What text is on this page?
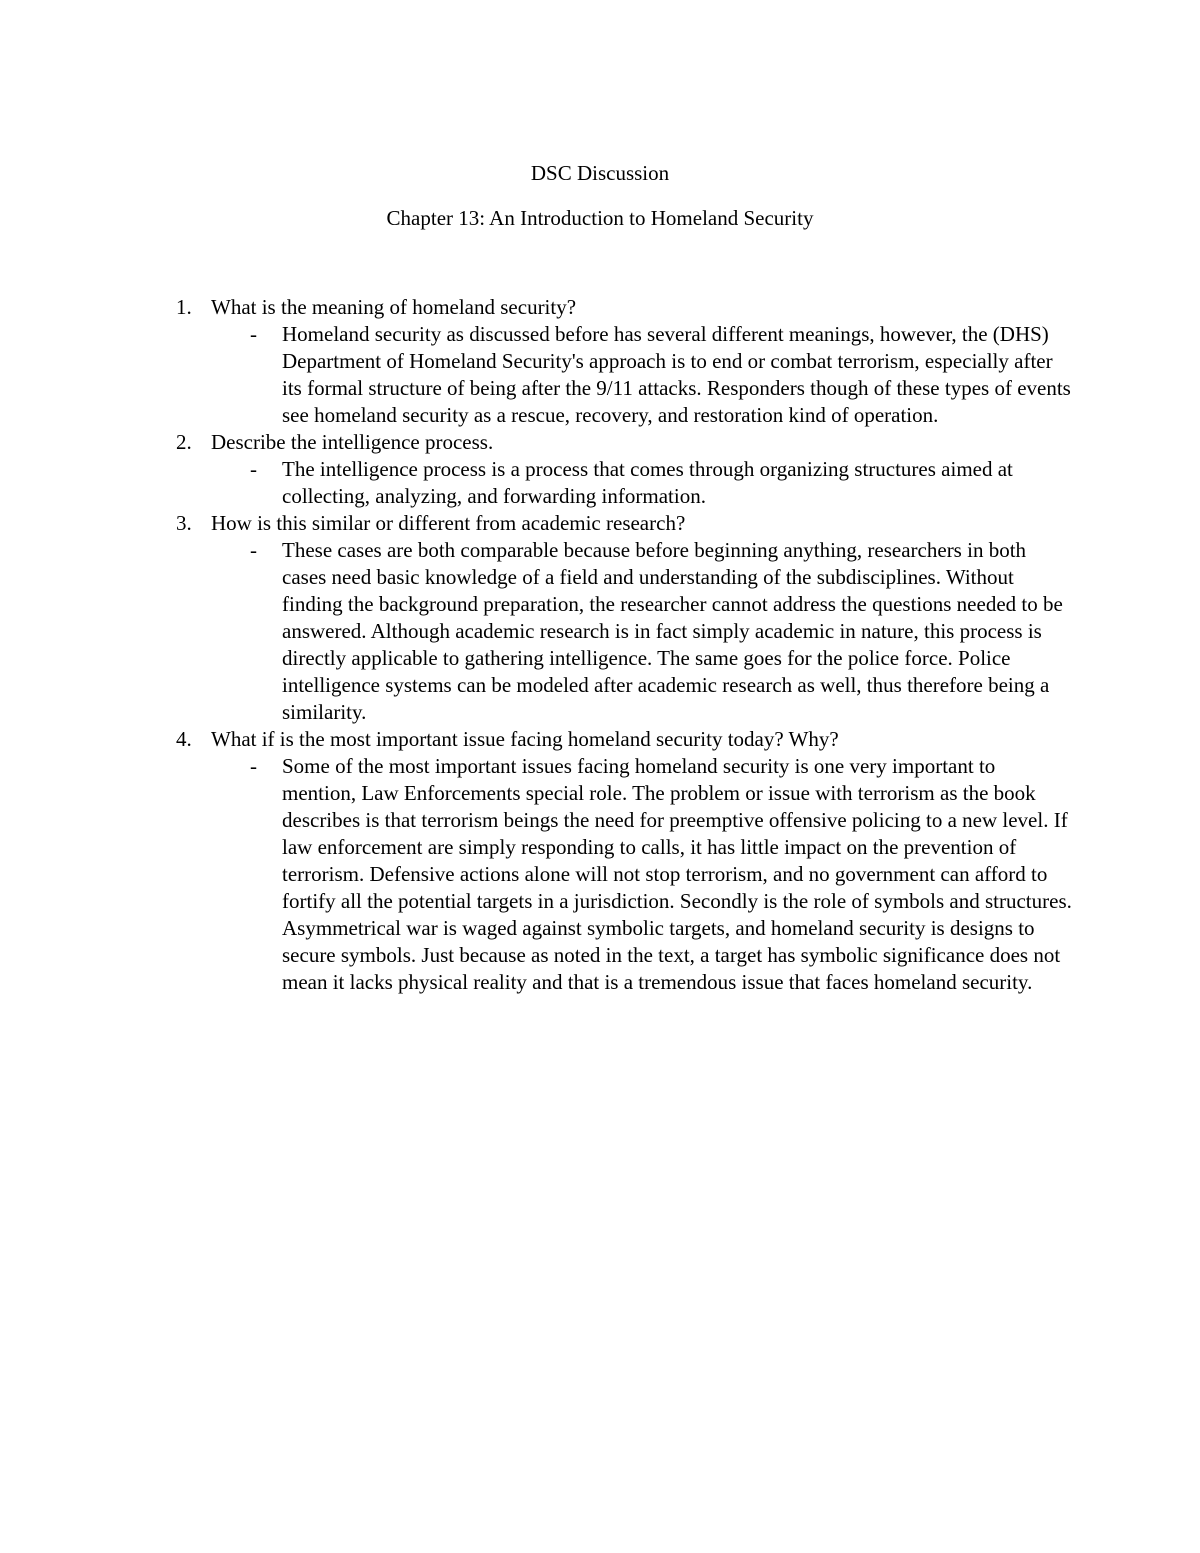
DSC Discussion

Chapter 13: An Introduction to Homeland Security

1. What is the meaning of homeland security?
- Homeland security as discussed before has several different meanings, however, the (DHS) Department of Homeland Security's approach is to end or combat terrorism, especially after its formal structure of being after the 9/11 attacks. Responders though of these types of events see homeland security as a rescue, recovery, and restoration kind of operation.
2. Describe the intelligence process.
- The intelligence process is a process that comes through organizing structures aimed at collecting, analyzing, and forwarding information.
3. How is this similar or different from academic research?
- These cases are both comparable because before beginning anything, researchers in both cases need basic knowledge of a field and understanding of the subdisciplines. Without finding the background preparation, the researcher cannot address the questions needed to be answered. Although academic research is in fact simply academic in nature, this process is directly applicable to gathering intelligence. The same goes for the police force. Police intelligence systems can be modeled after academic research as well, thus therefore being a similarity.
4. What if is the most important issue facing homeland security today? Why?
- Some of the most important issues facing homeland security is one very important to mention, Law Enforcements special role. The problem or issue with terrorism as the book describes is that terrorism beings the need for preemptive offensive policing to a new level. If law enforcement are simply responding to calls, it has little impact on the prevention of terrorism. Defensive actions alone will not stop terrorism, and no government can afford to fortify all the potential targets in a jurisdiction. Secondly is the role of symbols and structures. Asymmetrical war is waged against symbolic targets, and homeland security is designs to secure symbols. Just because as noted in the text, a target has symbolic significance does not mean it lacks physical reality and that is a tremendous issue that faces homeland security.
